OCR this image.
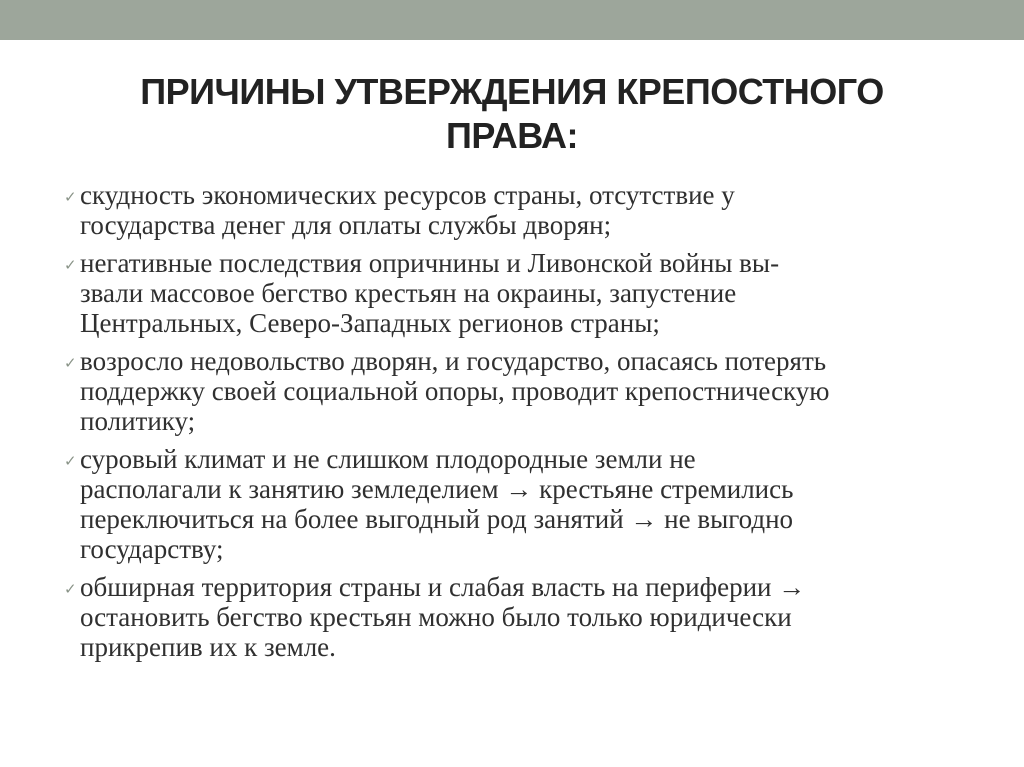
ПРИЧИНЫ УТВЕРЖДЕНИЯ КРЕПОСТНОГО
ПРАВА:
✓ скудность экономических ресурсов страны, отсутствие у
государства денег для оплаты службы дворян;
✓ негативные последствия опричнины и Ливонской войны вы-
звали массовое бегство крестьян на окраины, запустение
Центральных, Северо-Западных регионов страны;
✓ возросло недовольство дворян, и государство, опасаясь потерять
поддержку своей социальной опоры, проводит крепостническую
политику;
✓ суровый климат и не слишком плодородные земли не
располагали к занятию земледелием → крестьяне стремились
переключиться на более выгодный род занятий → не выгодно
государству;
✓ обширная территория страны и слабая власть на периферии →
остановить бегство крестьян можно было только юридически
прикрепив их к земле.
